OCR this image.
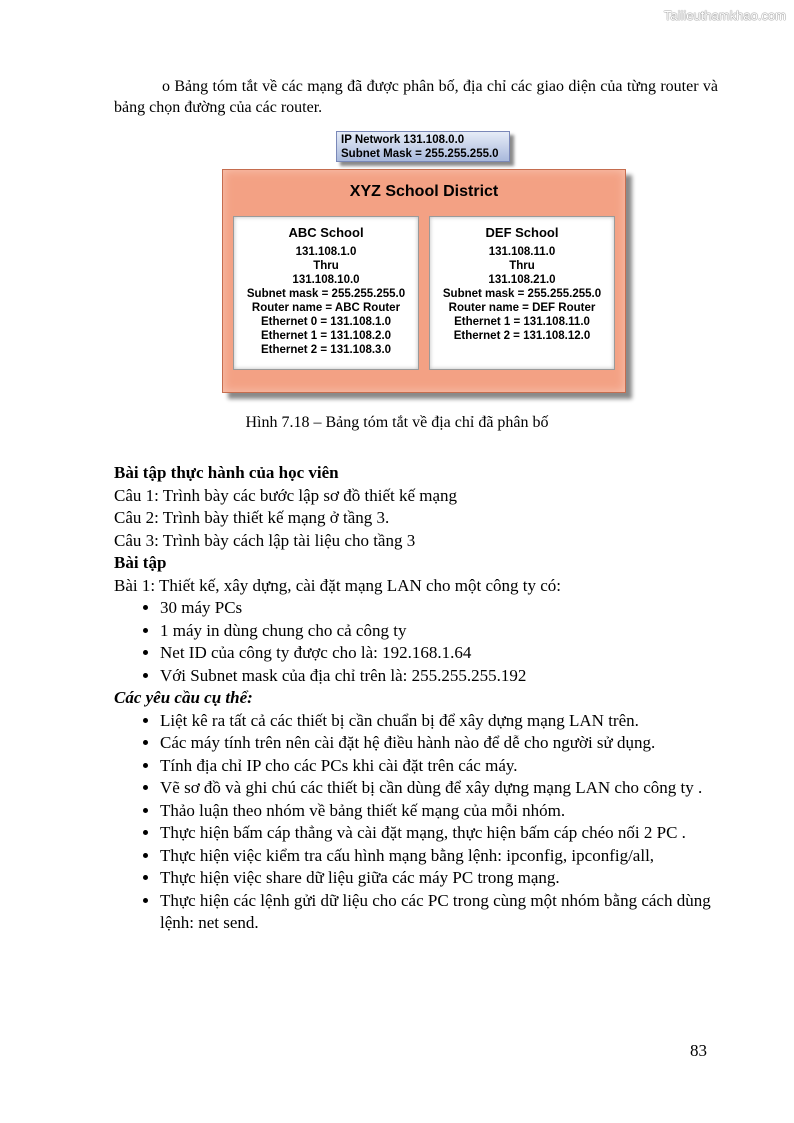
Tailieuthamkhao.com

o Bảng tóm tắt về các mạng đã được phân bố, địa chỉ các giao diện của từng router và bảng chọn đường của các router.

IP Network 131.108.0.0
Subnet Mask = 255.255.255.0
XYZ School District
ABC School
131.108.1.0
Thru
131.108.10.0
Subnet mask = 255.255.255.0
Router name = ABC Router
Ethernet 0 = 131.108.1.0
Ethernet 1 = 131.108.2.0
Ethernet 2 = 131.108.3.0
DEF School
131.108.11.0
Thru
131.108.21.0
Subnet mask = 255.255.255.0
Router name = DEF Router
Ethernet 1 = 131.108.11.0
Ethernet 2 = 131.108.12.0
Hình 7.18 – Bảng tóm tắt về địa chỉ đã phân bố

Bài tập thực hành của học viên

Câu 1: Trình bày các bước lập sơ đồ thiết kế mạng

Câu 2: Trình bày thiết kế mạng ở tầng 3.

Câu 3: Trình bày cách lập tài liệu cho tầng 3

Bài tập

Bài 1: Thiết kế, xây dựng, cài đặt mạng LAN cho một công ty có:

• 30 máy PCs
• 1 máy in dùng chung cho cả công ty
• Net ID của công ty được cho là: 192.168.1.64
• Với Subnet mask của địa chỉ trên là: 255.255.255.192

Các yêu cầu cụ thể:

• Liệt kê ra tất cả các thiết bị cần chuẩn bị để xây dựng mạng LAN trên.
• Các máy tính trên nên cài đặt hệ điều hành nào để dễ cho người sử dụng.
• Tính địa chỉ IP cho các PCs khi cài đặt trên các máy.
• Vẽ sơ đồ và ghi chú các thiết bị cần dùng để xây dựng mạng LAN cho công ty .
• Thảo luận theo nhóm về bảng thiết kế mạng của mỗi nhóm.
• Thực hiện bấm cáp thẳng và cài đặt mạng, thực hiện bấm cáp chéo nối 2 PC .
• Thực hiện việc kiểm tra cấu hình mạng bằng lệnh: ipconfig, ipconfig/all,
• Thực hiện việc share dữ liệu giữa các máy PC trong mạng.
• Thực hiện các lệnh gửi dữ liệu cho các PC trong cùng một nhóm bằng cách dùng lệnh: net send.
83
